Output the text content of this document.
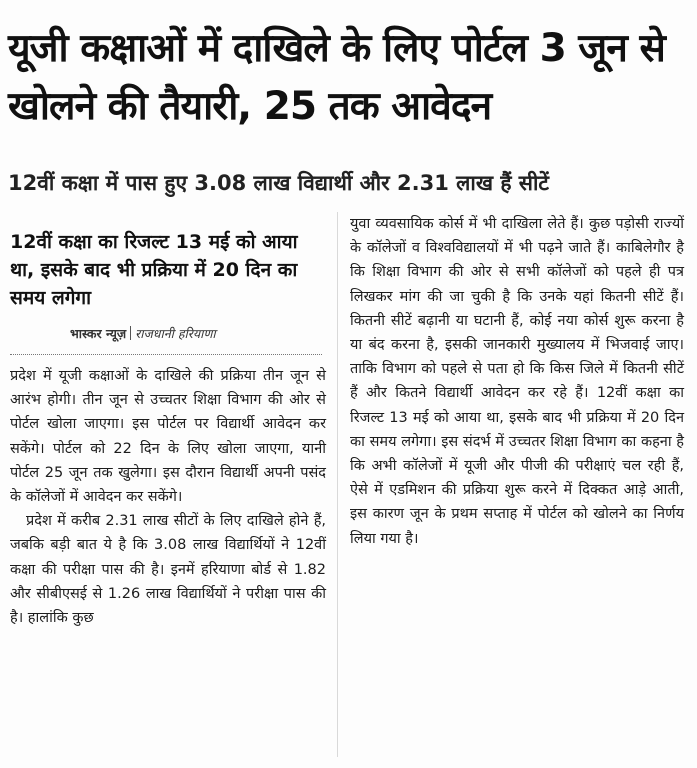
यूजी कक्षाओं में दाखिले के लिए पोर्टल 3 जून से खोलने की तैयारी, 25 तक आवेदन
12वीं कक्षा में पास हुए 3.08 लाख विद्यार्थी और 2.31 लाख हैं सीटें
12वीं कक्षा का रिजल्ट 13 मई को आया था, इसके बाद भी प्रक्रिया में 20 दिन का समय लगेगा
भास्कर न्यूज़ राजधानी हरियाणा

प्रदेश में यूजी कक्षाओं के दाखिले की प्रक्रिया तीन जून से आरंभ होगी। तीन जून से उच्चतर शिक्षा विभाग की ओर से पोर्टल खोला जाएगा। इस पोर्टल पर विद्यार्थी आवेदन कर सकेंगे। पोर्टल को 22 दिन के लिए खोला जाएगा, यानी पोर्टल 25 जून तक खुलेगा। इस दौरान विद्यार्थी अपनी पसंद के कॉलेजों में आवेदन कर सकेंगे।

प्रदेश में करीब 2.31 लाख सीटों के लिए दाखिले होने हैं, जबकि बड़ी बात ये है कि 3.08 लाख विद्यार्थियों ने 12वीं कक्षा की परीक्षा पास की है। इनमें हरियाणा बोर्ड से 1.82 और सीबीएसई से 1.26 लाख विद्यार्थियों ने परीक्षा पास की है। हालांकि कुछ

युवा व्यवसायिक कोर्स में भी दाखिला लेते हैं। कुछ पड़ोसी राज्यों के कॉलेजों व विश्वविद्यालयों में भी पढ़ने जाते हैं। काबिलेगौर है कि शिक्षा विभाग की ओर से सभी कॉलेजों को पहले ही पत्र लिखकर मांग की जा चुकी है कि उनके यहां कितनी सीटें हैं। कितनी सीटें बढ़ानी या घटानी हैं, कोई नया कोर्स शुरू करना है या बंद करना है, इसकी जानकारी मुख्यालय में भिजवाई जाए। ताकि विभाग को पहले से पता हो कि किस जिले में कितनी सीटें हैं और कितने विद्यार्थी आवेदन कर रहे हैं। 12वीं कक्षा का रिजल्ट 13 मई को आया था, इसके बाद भी प्रक्रिया में 20 दिन का समय लगेगा। इस संदर्भ में उच्चतर शिक्षा विभाग का कहना है कि अभी कॉलेजों में यूजी और पीजी की परीक्षाएं चल रही हैं, ऐसे में एडमिशन की प्रक्रिया शुरू करने में दिक्कत आड़े आती, इस कारण जून के प्रथम सप्ताह में पोर्टल को खोलने का निर्णय लिया गया है।
